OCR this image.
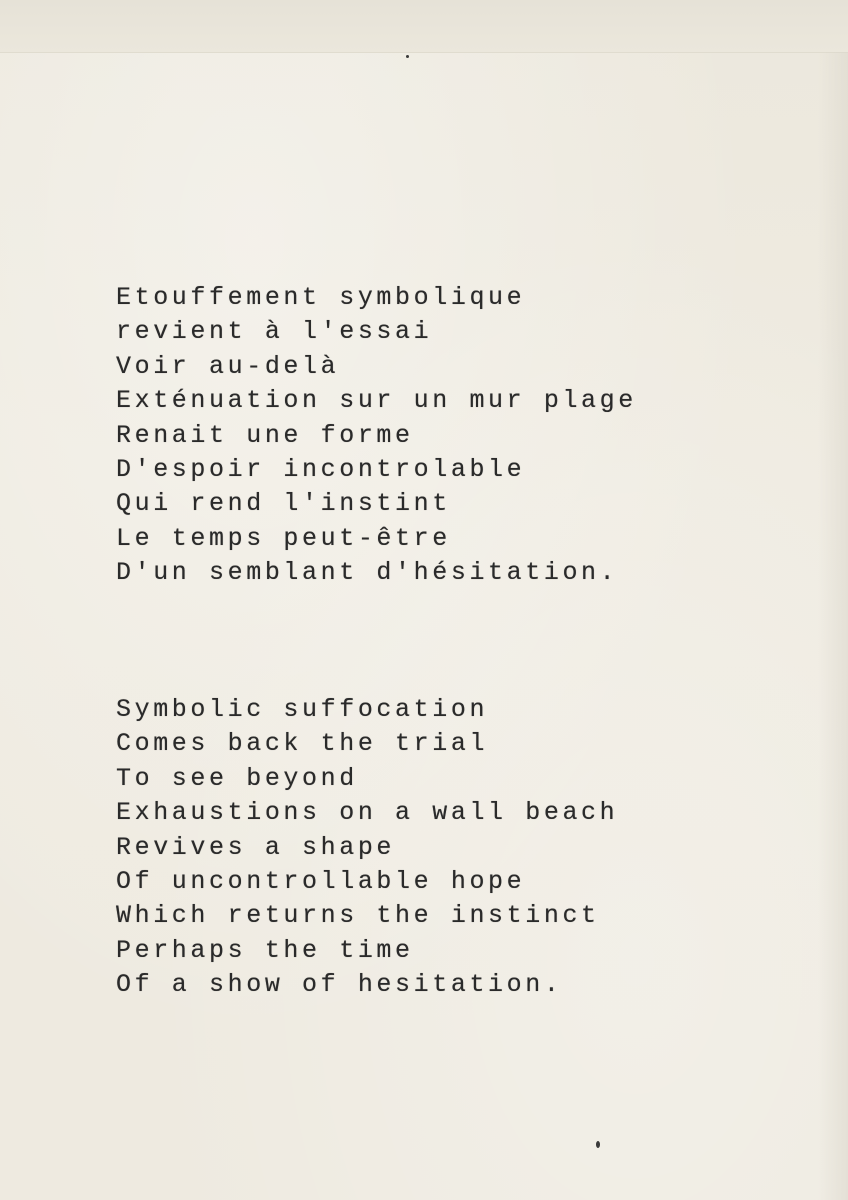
Etouffement symbolique
revient à l'essai
Voir au-delà
Exténuation sur un mur plage
Renait une forme
D'espoir incontrolable
Qui rend l'instint
Le temps peut-être
D'un semblant d'hésitation.
Symbolic suffocation
Comes back the trial
To see beyond
Exhaustions on a wall beach
Revives a shape
Of uncontrollable hope
Which returns the instinct
Perhaps the time
Of a show of hesitation.
